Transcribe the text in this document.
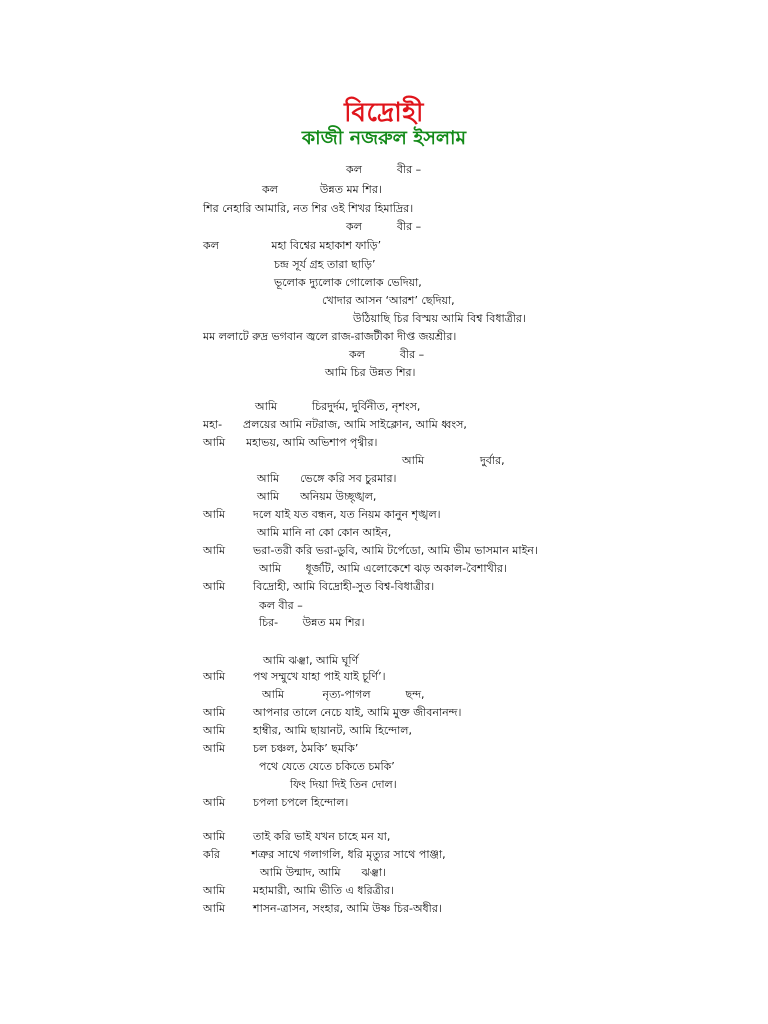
বিদ্রোহী
কাজী নজরুল ইসলাম
কল          বীর –
কল            উন্নত মম শির।
শির নেহারি আমারি, নত শির ওই শিখর হিমাদ্রির।
কল          বীর –
কল               মহা বিশ্বের মহাকাশ ফাড়ি’
চন্দ্র সূর্য গ্রহ তারা ছাড়ি’
ভূলোক দ্যুলোক গোলোক ভেদিয়া,
খোদার আসন ‘আরশ’ ছেদিয়া,
উঠিয়াছি চির বিস্ময় আমি বিশ্ব বিধাত্রীর।
মম ললাটে রুদ্র ভগবান জ্বলে রাজ-রাজটীকা দীপ্ত জয়শ্রীর।
কল          বীর –
আমি চির উন্নত শির।
আমি          চিরদুর্দম, দুর্বিনীত, নৃশংস,
মহা-      প্রলয়ের আমি নটরাজ, আমি সাইক্লোন, আমি ধ্বংস,
আমি      মহাভয়, আমি অভিশাপ পৃথ্বীর।
আমি                দুর্বার,
আমি      ভেঙ্গে করি সব চুরমার।
আমি      অনিয়ম উচ্ছৃঙ্খল,
আমি        দলে যাই যত বন্ধন, যত নিয়ম কানুন শৃঙ্খল।
আমি মানি না কো কোন আইন,
আমি        ভরা-তরী করি ভরা-ডুবি, আমি টর্পেডো, আমি ভীম ভাসমান মাইন।
আমি       ধূর্জটি, আমি এলোকেশে ঝড় অকাল-বৈশাখীর।
আমি        বিদ্রোহী, আমি বিদ্রোহী-সুত বিশ্ব-বিধাত্রীর।
কল বীর –
চির-       উন্নত মম শির।
আমি ঝঞ্ঝা, আমি ঘূর্ণি
আমি        পথ সম্মুখে যাহা পাই যাই চূর্ণি’।
আমি           নৃত্য-পাগল          ছন্দ,
আমি        আপনার তালে নেচে যাই, আমি মুক্ত জীবনানন্দ।
আমি        হাম্বীর, আমি ছায়ানট, আমি হিন্দোল,
আমি        চল চঞ্চল, ঠমকি’ ছমকি’
পথে যেতে যেতে চকিতে চমকি’
ফিং দিয়া দিই তিন দোল।
আমি        চপলা চপলে হিন্দোল।
আমি        তাই করি ভাই যখন চাহে মন যা,
করি         শত্রুর সাথে গলাগলি, ধরি মৃত্যুর সাথে পাঞ্জা,
আমি উন্মাদ, আমি      ঝঞ্ঝা।
আমি        মহামারী, আমি ভীতি এ ধরিত্রীর।
আমি        শাসন-ত্রাসন, সংহার, আমি উষ্ণ চির-অধীর।
